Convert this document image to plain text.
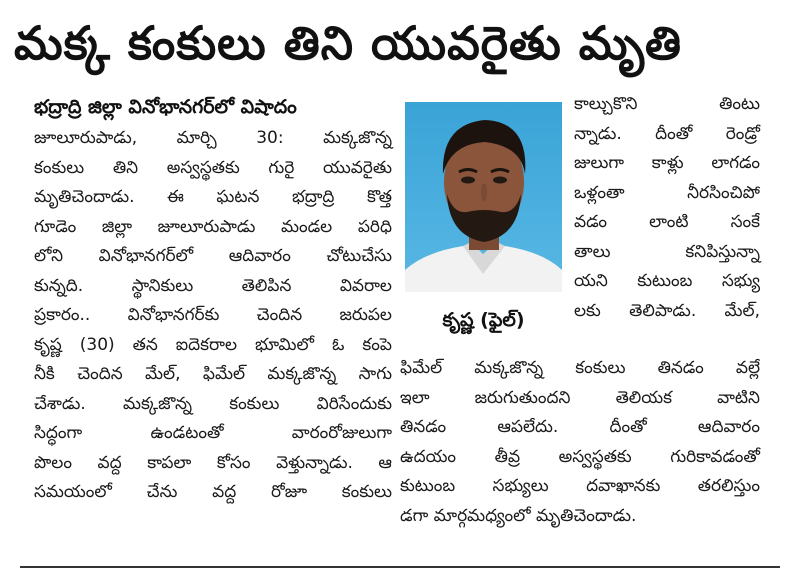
మక్క కంకులు తిని యువరైతు మృతి
భద్రాద్రి జిల్లా వినోభానగర్‌లో విషాదం

జూలూరుపాడు, మార్చి 30: మక్కజొన్న

కంకులు తిని అస్వస్థతకు గురై యువరైతు

మృతిచెందాడు. ఈ ఘటన భద్రాద్రి కొత్త

గూడెం జిల్లా జూలూరుపాడు మండల పరిధి

లోని వినోభానగర్‌లో ఆదివారం చోటుచేసు

కున్నది. స్థానికులు తెలిపిన వివరాల

ప్రకారం.. వినోభానగర్‌కు చెందిన జరుపల

కృష్ణ (30) తన ఐదెకరాల భూమిలో ఓ కంపె

నీకి చెందిన మేల్‌, ఫిమేల్‌ మక్కజొన్న సాగు

చేశాడు. మక్కజొన్న కంకులు విరిసేందుకు

సిద్ధంగా ఉండటంతో వారంరోజులుగా

పొలం వద్ద కాపలా కోసం వెళ్తున్నాడు. ఆ

సమయంలో చేను వద్ద రోజూ కంకులు

కృష్ణ (ఫైల్‌)

కాల్చుకొని తింటు

న్నాడు. దీంతో రెండ్రో

జులుగా కాళ్లు లాగడం

ఒళ్లంతా నీరసించిపో

వడం లాంటి సంకే

తాలు కనిపిస్తున్నా

యని కుటుంబ సభ్యు

లకు తెలిపాడు. మేల్‌,

ఫిమేల్‌ మక్కజొన్న కంకులు తినడం వల్లే

ఇలా జరుగుతుందని తెలియక వాటిని

తినడం ఆపలేదు. దీంతో ఆదివారం

ఉదయం తీవ్ర అస్వస్థతకు గురికావడంతో

కుటుంబ సభ్యులు దవాఖానకు తరలిస్తుం

డగా మార్గమధ్యంలో మృతిచెందాడు.
